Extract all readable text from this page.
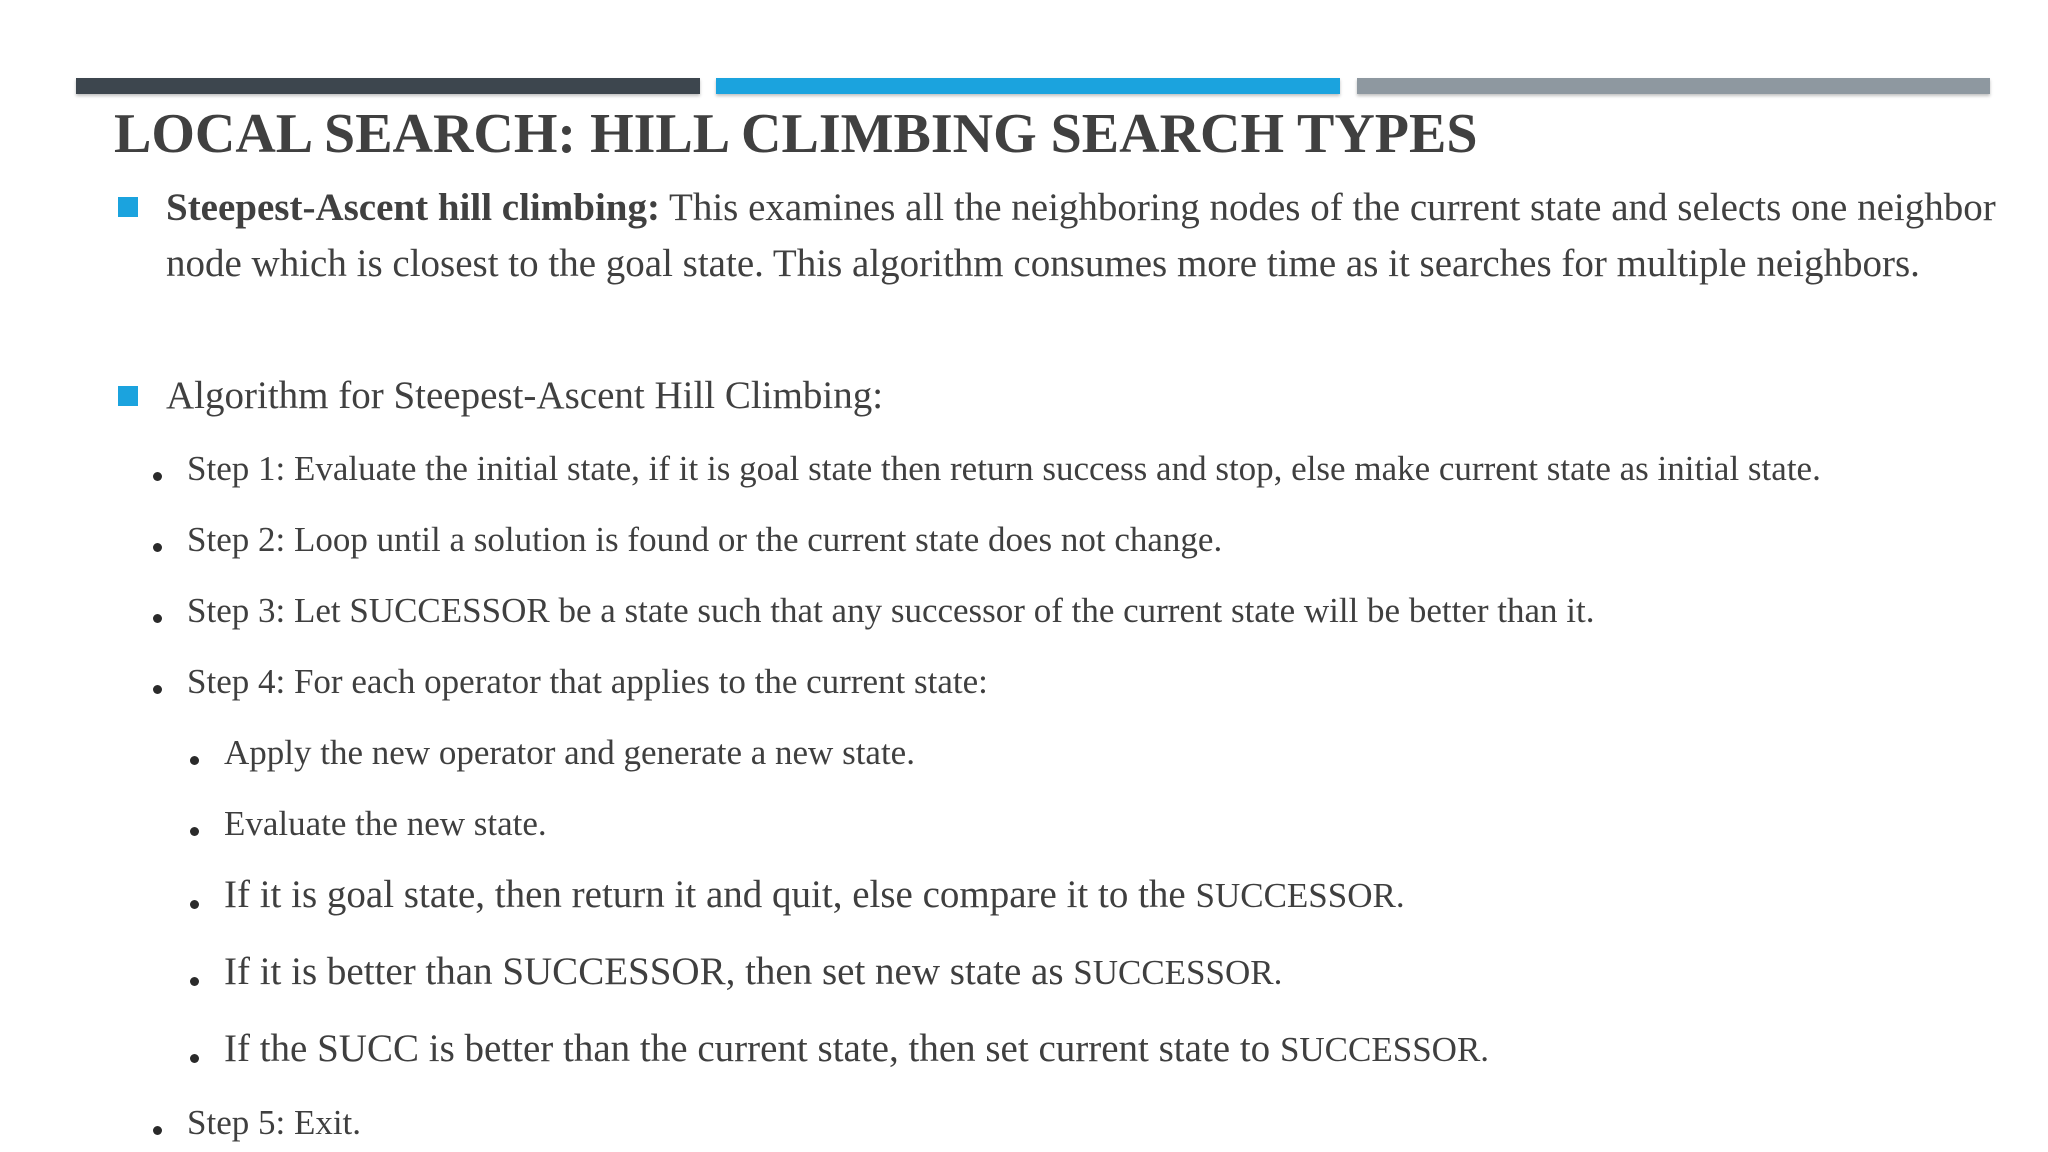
LOCAL SEARCH: HILL CLIMBING SEARCH TYPES
Steepest-Ascent hill climbing: This examines all the neighboring nodes of the current state and selects one neighbor node which is closest to the goal state. This algorithm consumes more time as it searches for multiple neighbors.
Algorithm for Steepest-Ascent Hill Climbing:
Step 1: Evaluate the initial state, if it is goal state then return success and stop, else make current state as initial state.
Step 2: Loop until a solution is found or the current state does not change.
Step 3: Let SUCCESSOR be a state such that any successor of the current state will be better than it.
Step 4: For each operator that applies to the current state:
Apply the new operator and generate a new state.
Evaluate the new state.
If it is goal state, then return it and quit, else compare it to the SUCCESSOR.
If it is better than SUCCESSOR, then set new state as SUCCESSOR.
If the SUCC is better than the current state, then set current state to SUCCESSOR.
Step 5: Exit.
